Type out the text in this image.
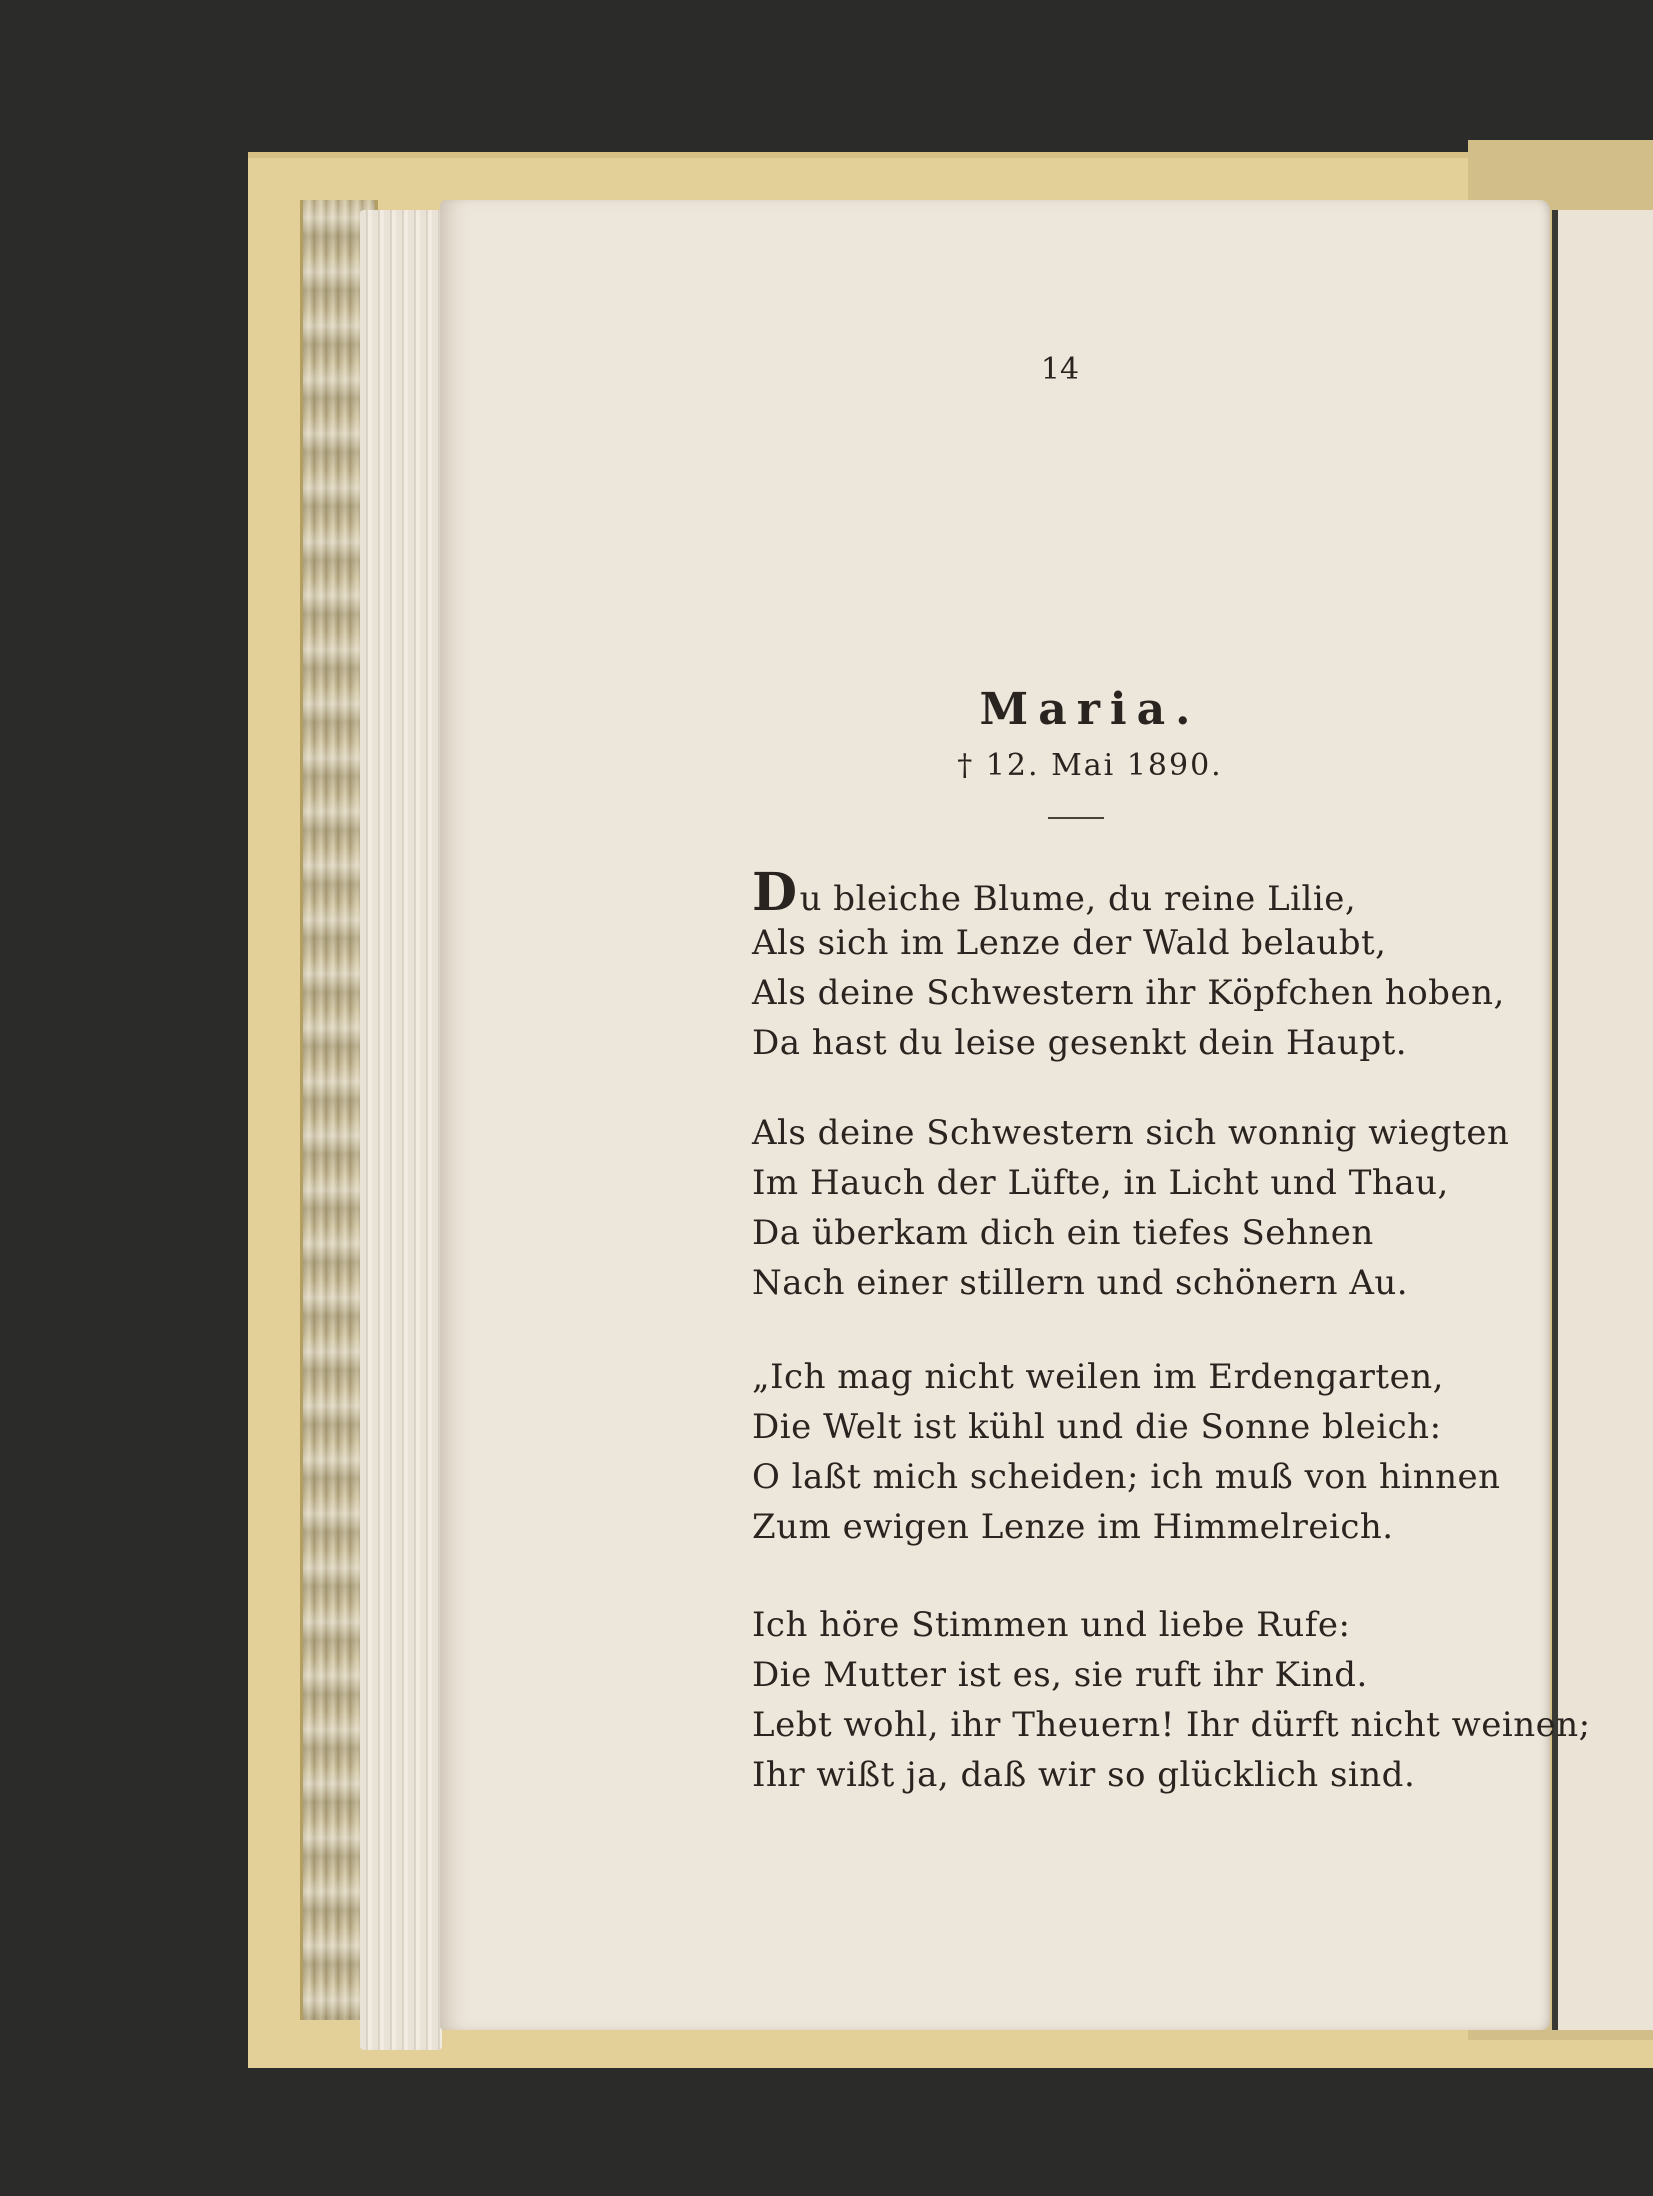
14
Maria.
† 12. Mai 1890.
Du bleiche Blume, du reine Lilie,
Als sich im Lenze der Wald belaubt,
Als deine Schwestern ihr Köpfchen hoben,
Da hast du leise gesenkt dein Haupt.
Als deine Schwestern sich wonnig wiegten
Im Hauch der Lüfte, in Licht und Thau,
Da überkam dich ein tiefes Sehnen
Nach einer stillern und schönern Au.
„Ich mag nicht weilen im Erdengarten,
Die Welt ist kühl und die Sonne bleich:
O laßt mich scheiden; ich muß von hinnen
Zum ewigen Lenze im Himmelreich.
Ich höre Stimmen und liebe Rufe:
Die Mutter ist es, sie ruft ihr Kind.
Lebt wohl, ihr Theuern! Ihr dürft nicht weinen;
Ihr wißt ja, daß wir so glücklich sind.
